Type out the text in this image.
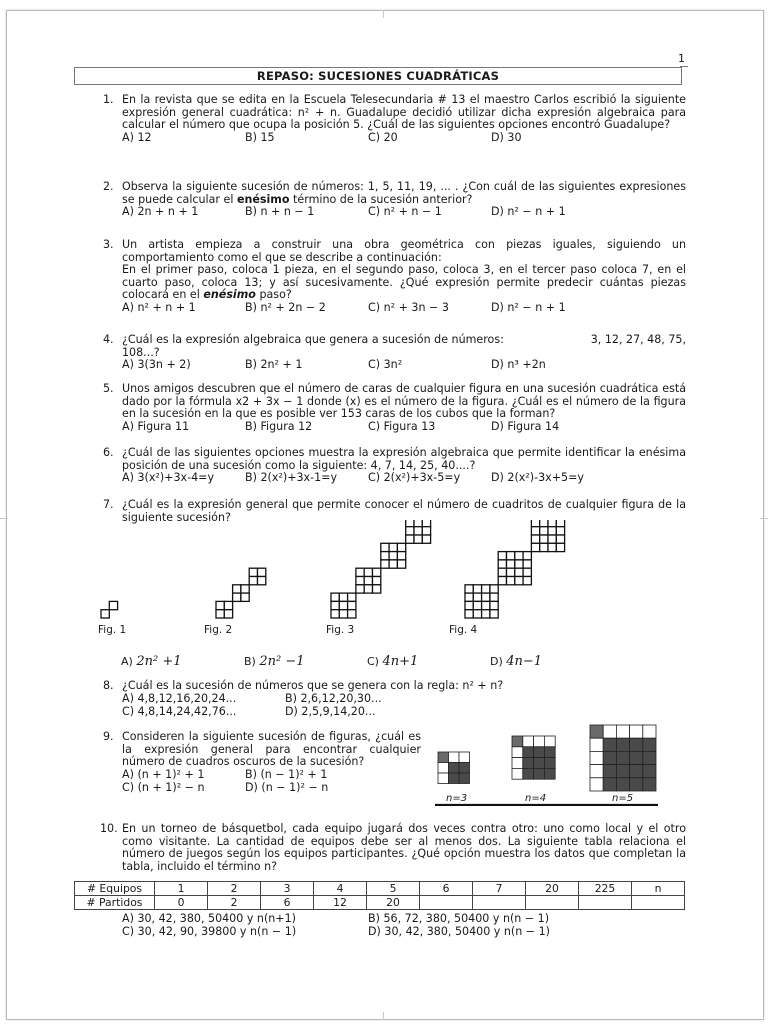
1
REPASO: SUCESIONES CUADRÁTICAS
1. En la revista que se edita en la Escuela Telesecundaria # 13 el maestro Carlos escribió la siguiente expresión general cuadrática: n² + n. Guadalupe decidió utilizar dicha expresión algebraica para calcular el número que ocupa la posición 5. ¿Cuál de las siguientes opciones encontró Guadalupe?
A) 12	B) 15	C) 20	D) 30
2. Observa la siguiente sucesión de números: 1, 5, 11, 19, ... . ¿Con cuál de las siguientes expresiones se puede calcular el enésimo término de la sucesión anterior?
A) 2n + n + 1	B) n + n − 1	C) n² + n − 1	D) n² − n + 1
3. Un artista empieza a construir una obra geométrica con piezas iguales, siguiendo un comportamiento como el que se describe a continuación:
En el primer paso, coloca 1 pieza, en el segundo paso, coloca 3, en el tercer paso coloca 7, en el cuarto paso, coloca 13; y así sucesivamente. ¿Qué expresión permite predecir cuántas piezas colocará en el enésimo paso?
A) n² + n + 1	B) n² + 2n − 2	C) n² + 3n − 3	D) n² − n + 1
4. ¿Cuál es la expresión algebraica que genera a sucesión de números:	3, 12, 27, 48, 75,
108...?
A) 3(3n + 2)	B) 2n² + 1	C) 3n²	D) n³ +2n
5. Unos amigos descubren que el número de caras de cualquier figura en una sucesión cuadrática está dado por la fórmula x2 + 3x − 1 donde (x) es el número de la figura. ¿Cuál es el número de la figura en la sucesión en la que es posible ver 153 caras de los cubos que la forman?
A) Figura 11	B) Figura 12	C) Figura 13	D) Figura 14
6. ¿Cuál de las siguientes opciones muestra la expresión algebraica que permite identificar la enésima posición de una sucesión como la siguiente: 4, 7, 14, 25, 40....?
A) 3(x²)+3x-4=y	B) 2(x²)+3x-1=y	C) 2(x²)+3x-5=y	D) 2(x²)-3x+5=y
7. ¿Cuál es la expresión general que permite conocer el número de cuadritos de cualquier figura de la siguiente sucesión?
Fig. 1	Fig. 2	Fig. 3	Fig. 4
A) 2n² +1	B) 2n² −1	C) 4n+1	D) 4n−1
8. ¿Cuál es la sucesión de números que se genera con la regla: n² + n?
A) 4,8,12,16,20,24...	B) 2,6,12,20,30...
C) 4,8,14,24,42,76...	D) 2,5,9,14,20...
9. Consideren la siguiente sucesión de figuras, ¿cuál es la expresión general para encontrar cualquier número de cuadros oscuros de la sucesión?
A) (n + 1)² + 1	B) (n − 1)² + 1
C) (n + 1)² − n	D) (n − 1)² − n
n=3	n=4	n=5
10. En un torneo de básquetbol, cada equipo jugará dos veces contra otro: uno como local y el otro como visitante. La cantidad de equipos debe ser al menos dos. La siguiente tabla relaciona el número de juegos según los equipos participantes. ¿Qué opción muestra los datos que completan la tabla, incluido el término n?
# Equipos	1	2	3	4	5	6	7	20	225	n
# Partidos	0	2	6	12	20					
A) 30, 42, 380, 50400 y n(n+1)	B) 56, 72, 380, 50400 y n(n − 1)
C) 30, 42, 90, 39800 y n(n − 1)	D) 30, 42, 380, 50400 y n(n − 1)
